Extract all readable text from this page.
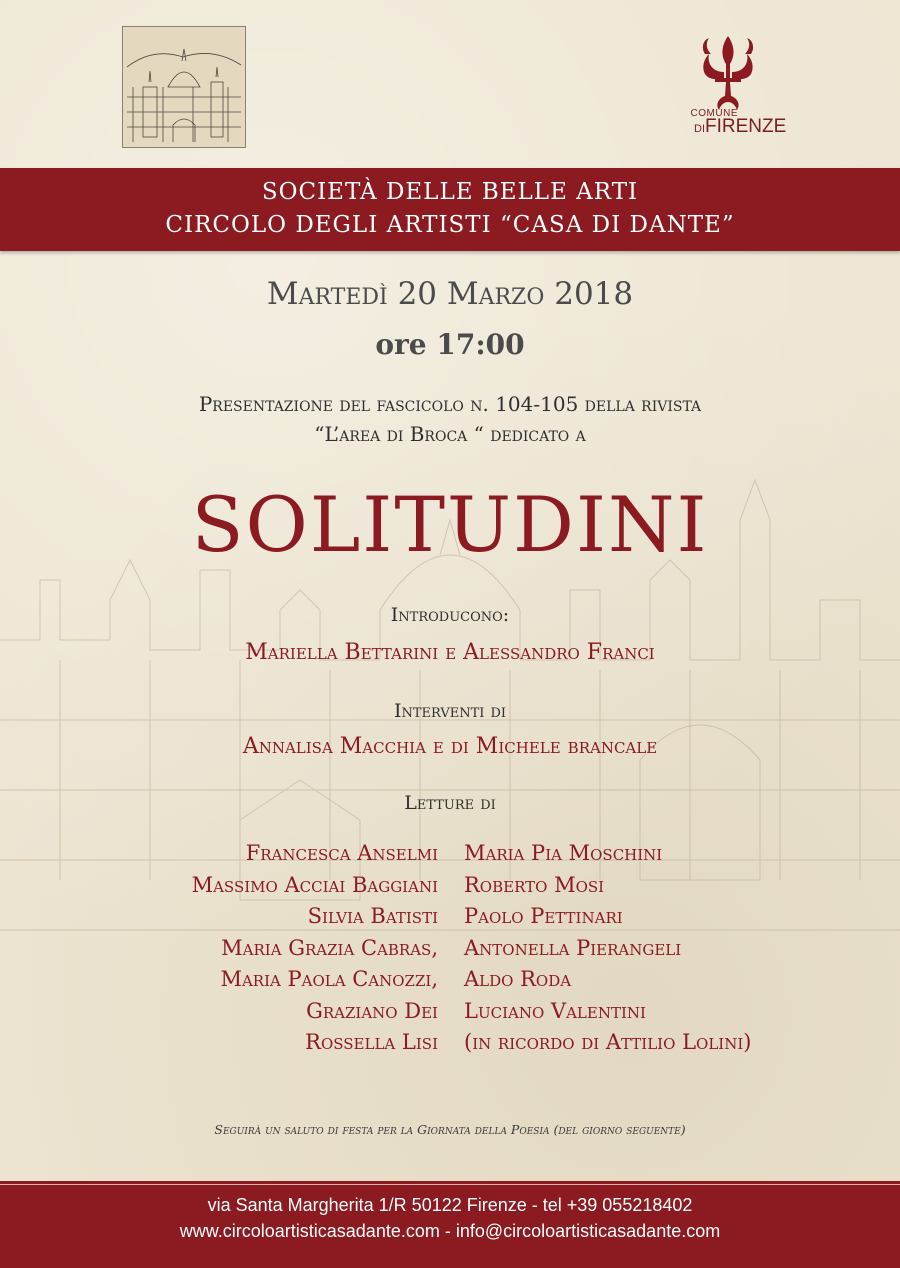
COMUNE
DIFIRENZE
SOCIETÀ DELLE BELLE ARTI
CIRCOLO DEGLI ARTISTI “CASA DI DANTE”
Martedì 20 Marzo 2018
ore 17:00
Presentazione del fascicolo n. 104-105 della rivista
“L’area di Broca “ dedicato a
SOLITUDINI
Introducono:
Mariella Bettarini e Alessandro Franci
Interventi di
Annalisa Macchia e di Michele brancale
Letture di
Francesca Anselmi
Massimo Acciai Baggiani
Silvia Batisti
Maria Grazia Cabras,
Maria Paola Canozzi,
Graziano Dei
Rossella Lisi
Maria Pia Moschini
Roberto Mosi
Paolo Pettinari
Antonella Pierangeli
Aldo Roda
Luciano Valentini
(in ricordo di Attilio Lolini)
Seguirà un saluto di festa per la Giornata della Poesia (del giorno seguente)
via Santa Margherita 1/R 50122 Firenze - tel +39 055218402
www.circoloartisticasadante.com - info@circoloartisticasadante.com
